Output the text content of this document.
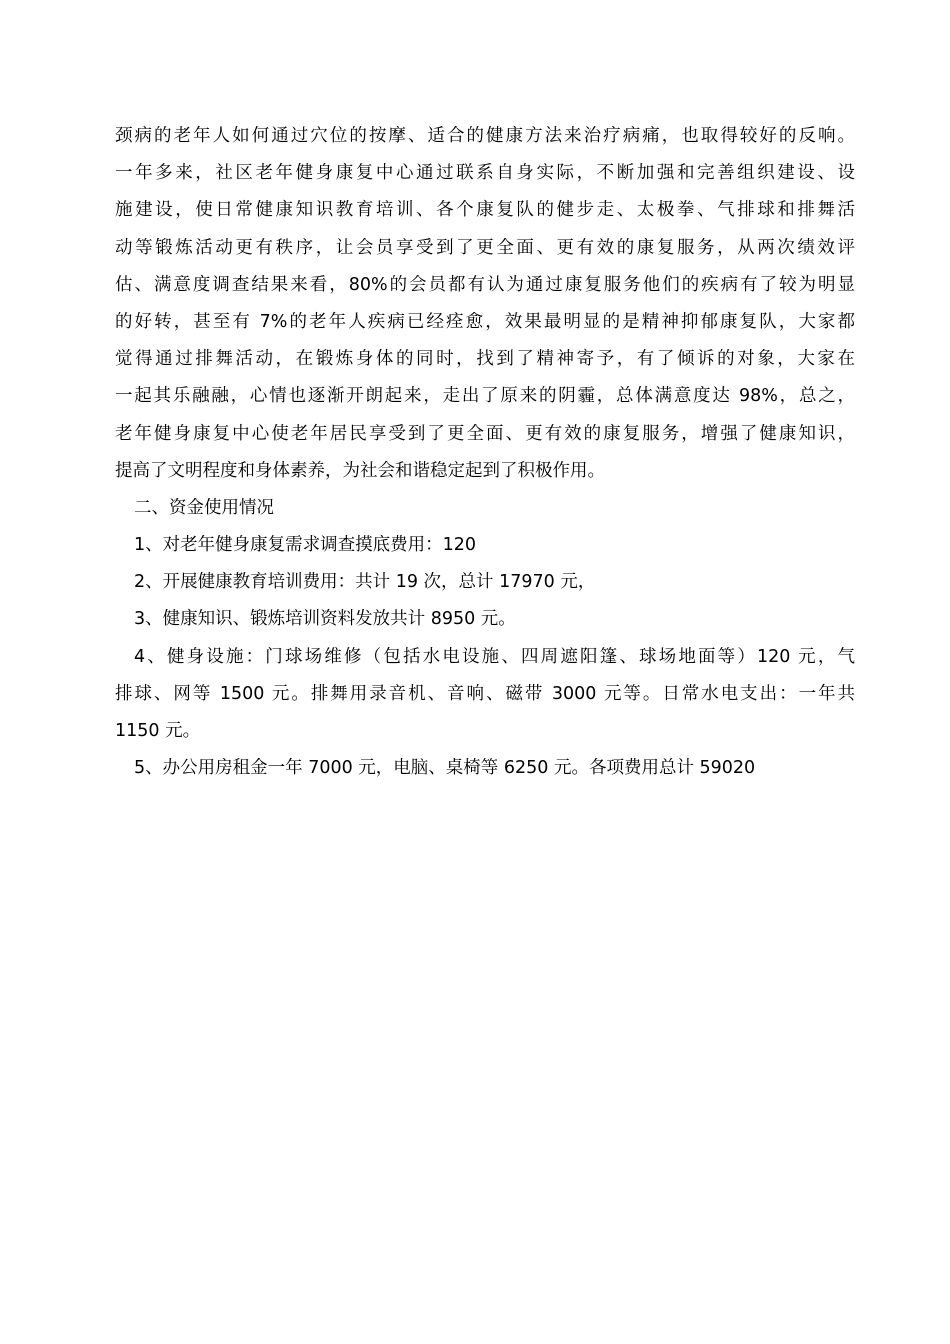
颈病的老年人如何通过穴位的按摩、适合的健康方法来治疗病痛，也取得较好的反响。
一年多来，社区老年健身康复中心通过联系自身实际，不断加强和完善组织建设、设
施建设，使日常健康知识教育培训、各个康复队的健步走、太极拳、气排球和排舞活
动等锻炼活动更有秩序，让会员享受到了更全面、更有效的康复服务，从两次绩效评
估、满意度调查结果来看，80%的会员都有认为通过康复服务他们的疾病有了较为明显
的好转，甚至有 7%的老年人疾病已经痊愈，效果最明显的是精神抑郁康复队，大家都
觉得通过排舞活动，在锻炼身体的同时，找到了精神寄予，有了倾诉的对象，大家在
一起其乐融融，心情也逐渐开朗起来，走出了原来的阴霾，总体满意度达 98%，总之，
老年健身康复中心使老年居民享受到了更全面、更有效的康复服务，增强了健康知识，
提高了文明程度和身体素养，为社会和谐稳定起到了积极作用。
二、资金使用情况
1、对老年健身康复需求调查摸底费用：120
2、开展健康教育培训费用：共计 19 次，总计 17970 元，
3、健康知识、锻炼培训资料发放共计 8950 元。
4、健身设施：门球场维修（包括水电设施、四周遮阳篷、球场地面等）120 元，气
排球、网等 1500 元。排舞用录音机、音响、磁带 3000 元等。日常水电支出：一年共
1150 元。
5、办公用房租金一年 7000 元，电脑、桌椅等 6250 元。各项费用总计 59020
